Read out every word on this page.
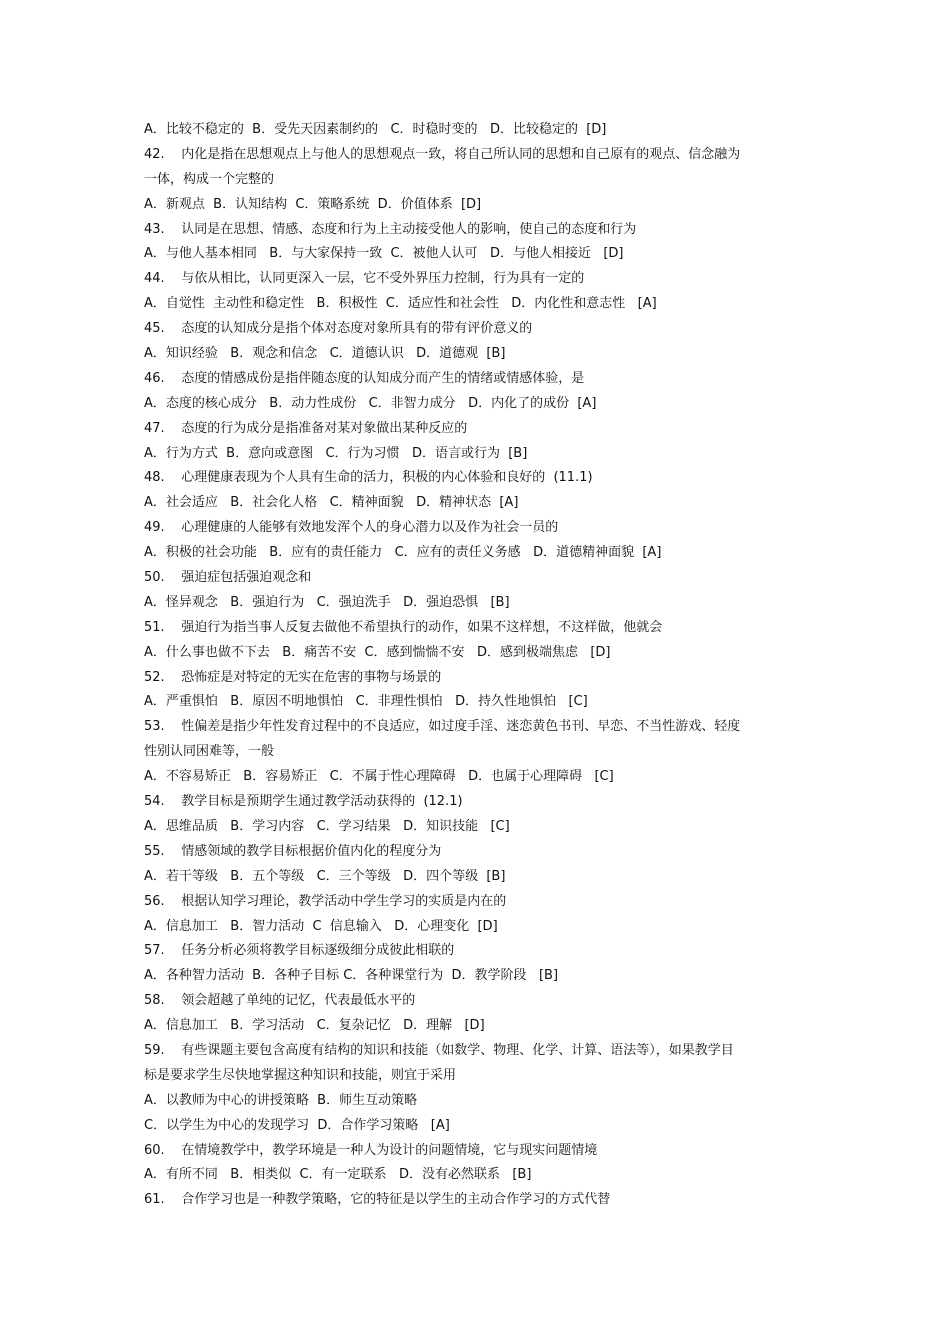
A．比较不稳定的  B．受先天因素制约的   C．时稳时变的   D．比较稳定的  [D]
42.    内化是指在思想观点上与他人的思想观点一致，将自己所认同的思想和自己原有的观点、信念融为
一体，构成一个完整的
A．新观点  B．认知结构  C．策略系统  D．价值体系  [D]
43.    认同是在思想、情感、态度和行为上主动接受他人的影响，使自己的态度和行为
A．与他人基本相同   B．与大家保持一致  C．被他人认可   D．与他人相接近   [D]
44.    与依从相比，认同更深入一层，它不受外界压力控制，行为具有一定的
A．自觉性  主动性和稳定性   B．积极性  C．适应性和社会性   D．内化性和意志性   [A]
45.    态度的认知成分是指个体对态度对象所具有的带有评价意义的
A．知识经验   B．观念和信念   C．道德认识   D．道德观  [B]
46.    态度的情感成份是指伴随态度的认知成分而产生的情绪或情感体验，是
A．态度的核心成分   B．动力性成份   C．非智力成分   D．内化了的成份  [A]
47.    态度的行为成分是指准备对某对象做出某种反应的
A．行为方式  B．意向或意图   C．行为习惯   D．语言或行为  [B]
48.    心理健康表现为个人具有生命的活力，积极的内心体验和良好的  (11.1)
A．社会适应   B．社会化人格   C．精神面貌   D．精神状态  [A]
49.    心理健康的人能够有效地发浑个人的身心潜力以及作为社会一员的
A．积极的社会功能   B．应有的责任能力   C．应有的责任义务感   D．道德精神面貌  [A]
50.    强迫症包括强迫观念和
A．怪异观念   B．强迫行为   C．强迫洗手   D．强迫恐惧   [B]
51.    强迫行为指当事人反复去做他不希望执行的动作，如果不这样想，不这样做，他就会
A．什么事也做不下去   B．痛苦不安  C．感到惴惴不安   D．感到极端焦虑   [D]
52.    恐怖症是对特定的无实在危害的事物与场景的
A．严重惧怕   B．原因不明地惧怕   C．非理性惧怕   D．持久性地惧怕   [C]
53.    性偏差是指少年性发育过程中的不良适应，如过度手淫、迷恋黄色书刊、早恋、不当性游戏、轻度
性别认同困难等，一般
A．不容易矫正   B．容易矫正   C．不属于性心理障碍   D．也属于心理障碍   [C]
54.    教学目标是预期学生通过教学活动获得的  (12.1)
A．思维品质   B．学习内容   C．学习结果   D．知识技能   [C]
55.    情感领域的教学目标根据价值内化的程度分为
A．若干等级   B．五个等级   C．三个等级   D．四个等级  [B]
56.    根据认知学习理论，教学活动中学生学习的实质是内在的
A．信息加工   B．智力活动  C  信息输入   D．心理变化  [D]
57.    任务分析必须将教学目标逐级细分成彼此相联的
A．各种智力活动  B．各种子目标 C．各种课堂行为  D．教学阶段   [B]
58.    领会超越了单纯的记忆，代表最低水平的
A．信息加工   B．学习活动   C．复杂记忆   D．理解   [D]
59.    有些课题主要包含高度有结构的知识和技能（如数学、物理、化学、计算、语法等），如果教学目
标是要求学生尽快地掌握这种知识和技能，则宜于采用
A．以教师为中心的讲授策略  B．师生互动策略
C．以学生为中心的发现学习  D．合作学习策略   [A]
60.    在情境教学中，教学环境是一种人为设计的问题情境，它与现实问题情境
A．有所不同   B．相类似  C．有一定联系   D．没有必然联系   [B]
61.    合作学习也是一种教学策略，它的特征是以学生的主动合作学习的方式代替
